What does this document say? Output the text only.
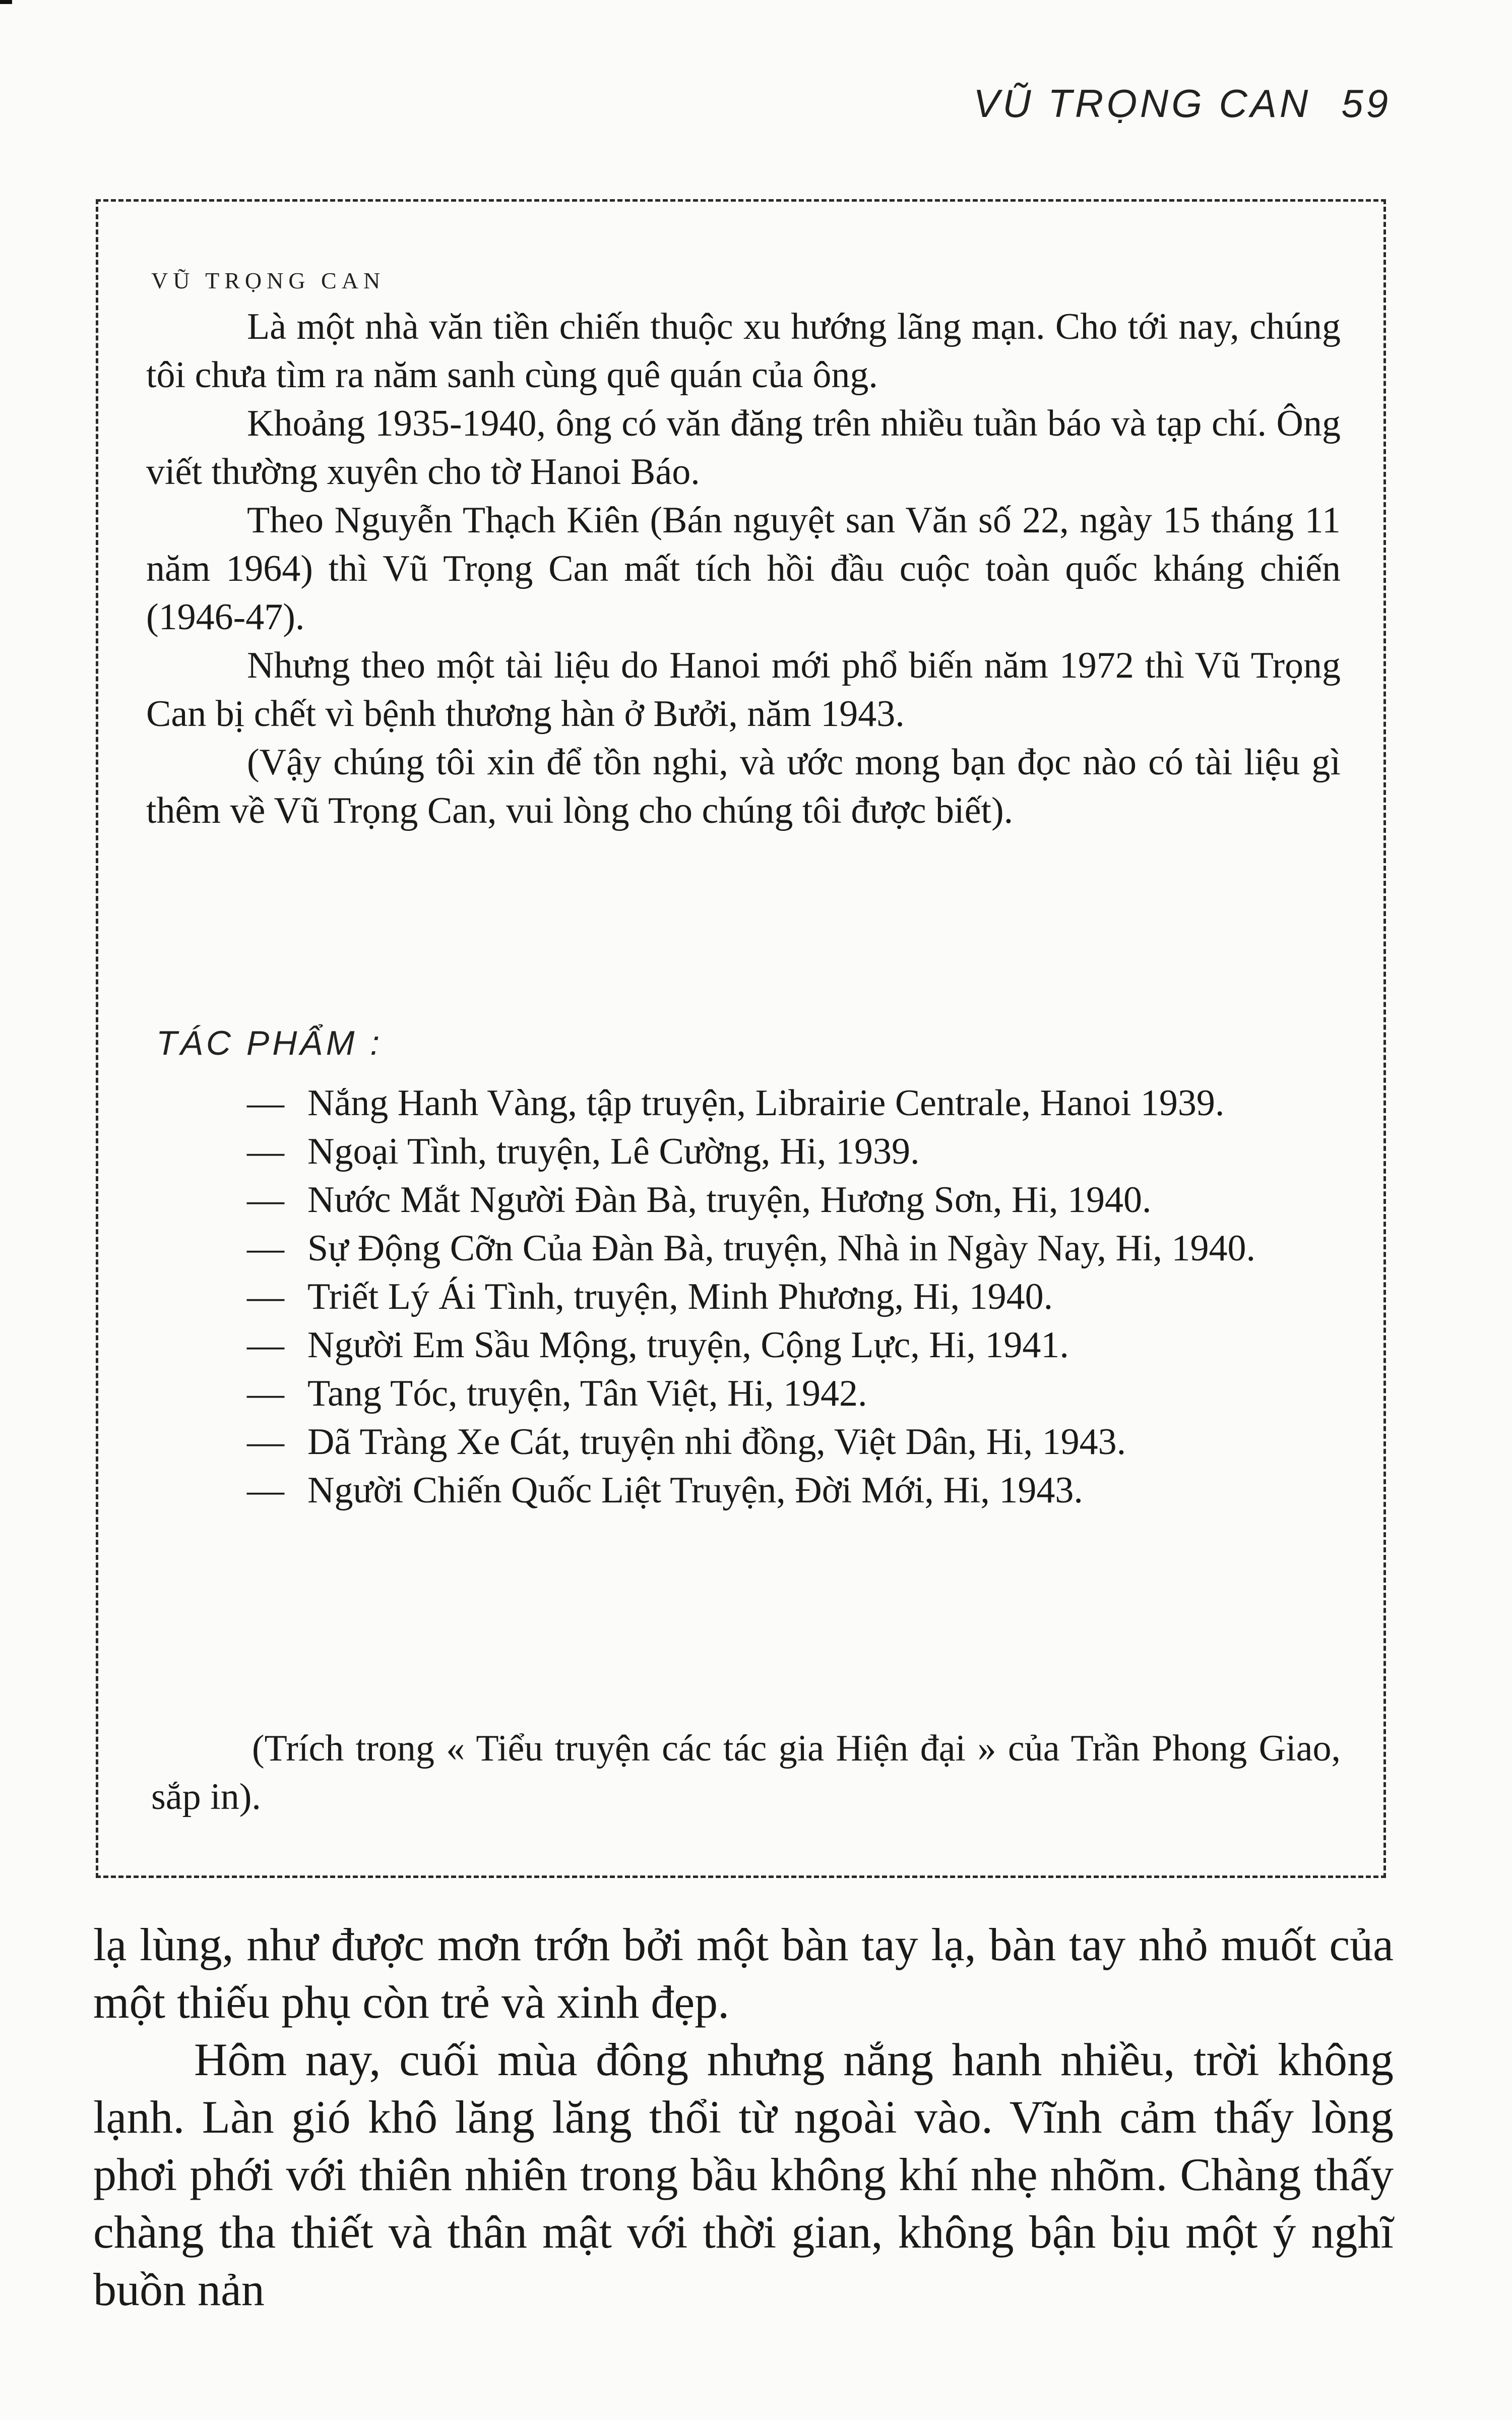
VŨ TRỌNG CAN 59
VŨ TRỌNG CAN

Là một nhà văn tiền chiến thuộc xu hướng lãng mạn. Cho tới nay, chúng tôi chưa tìm ra năm sanh cùng quê quán của ông.

Khoảng 1935-1940, ông có văn đăng trên nhiều tuần báo và tạp chí. Ông viết thường xuyên cho tờ Hanoi Báo.

Theo Nguyễn Thạch Kiên (Bán nguyệt san Văn số 22, ngày 15 tháng 11 năm 1964) thì Vũ Trọng Can mất tích hồi đầu cuộc toàn quốc kháng chiến (1946-47).

Nhưng theo một tài liệu do Hanoi mới phổ biến năm 1972 thì Vũ Trọng Can bị chết vì bệnh thương hàn ở Bưởi, năm 1943.

(Vậy chúng tôi xin để tồn nghi, và ước mong bạn đọc nào có tài liệu gì thêm về Vũ Trọng Can, vui lòng cho chúng tôi được biết).

TÁC PHẨM :
— Nắng Hanh Vàng, tập truyện, Librairie Centrale, Hanoi 1939.
— Ngoại Tình, truyện, Lê Cường, Hi, 1939.
— Nước Mắt Người Đàn Bà, truyện, Hương Sơn, Hi, 1940.
— Sự Động Cỡn Của Đàn Bà, truyện, Nhà in Ngày Nay, Hi, 1940.
— Triết Lý Ái Tình, truyện, Minh Phương, Hi, 1940.
— Người Em Sầu Mộng, truyện, Cộng Lực, Hi, 1941.
— Tang Tóc, truyện, Tân Việt, Hi, 1942.
— Dã Tràng Xe Cát, truyện nhi đồng, Việt Dân, Hi, 1943.
— Người Chiến Quốc Liệt Truyện, Đời Mới, Hi, 1943.

(Trích trong « Tiểu truyện các tác gia Hiện đại » của Trần Phong Giao, sắp in).

lạ lùng, như được mơn trớn bởi một bàn tay lạ, bàn tay nhỏ muốt của một thiếu phụ còn trẻ và xinh đẹp.

Hôm nay, cuối mùa đông nhưng nắng hanh nhiều, trời không lạnh. Làn gió khô lăng lăng thổi từ ngoài vào. Vĩnh cảm thấy lòng phơi phới với thiên nhiên trong bầu không khí nhẹ nhõm. Chàng thấy chàng tha thiết và thân mật với thời gian, không bận bịu một ý nghĩ buồn nản
